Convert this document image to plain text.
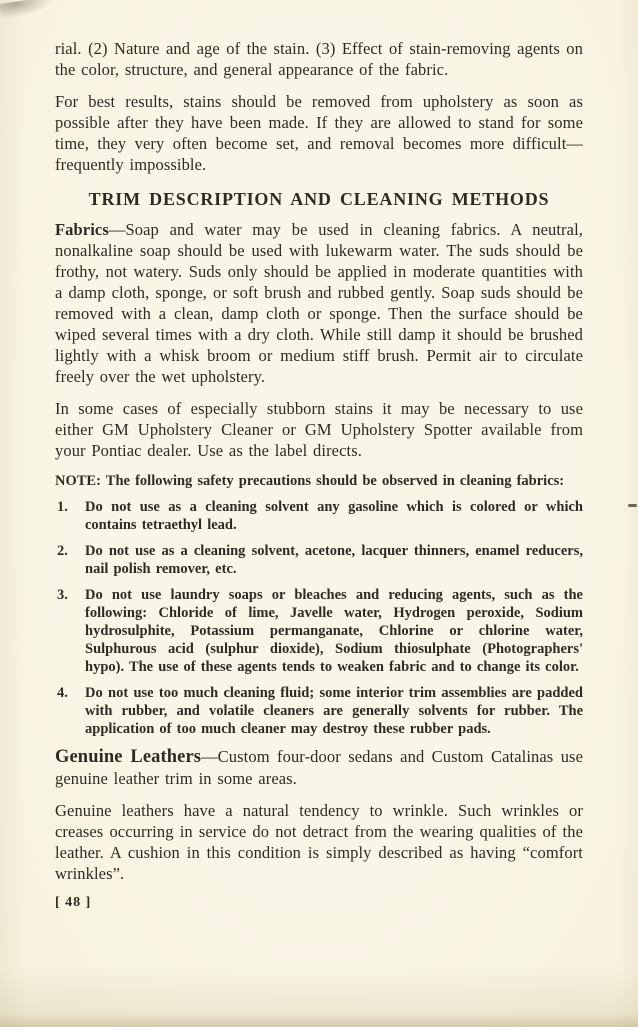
rial. (2) Nature and age of the stain. (3) Effect of stain-removing agents on the color, structure, and general appearance of the fabric.

For best results, stains should be removed from upholstery as soon as possible after they have been made. If they are allowed to stand for some time, they very often become set, and removal becomes more difficult—frequently impossible.

TRIM DESCRIPTION AND CLEANING METHODS

Fabrics—Soap and water may be used in cleaning fabrics. A neutral, nonalkaline soap should be used with lukewarm water. The suds should be frothy, not watery. Suds only should be applied in moderate quantities with a damp cloth, sponge, or soft brush and rubbed gently. Soap suds should be removed with a clean, damp cloth or sponge. Then the surface should be wiped several times with a dry cloth. While still damp it should be brushed lightly with a whisk broom or medium stiff brush. Permit air to circulate freely over the wet upholstery.

In some cases of especially stubborn stains it may be necessary to use either GM Upholstery Cleaner or GM Upholstery Spotter available from your Pontiac dealer. Use as the label directs.

NOTE: The following safety precautions should be observed in cleaning fabrics:

1.	Do not use as a cleaning solvent any gasoline which is colored or which contains tetraethyl lead.
2.	Do not use as a cleaning solvent, acetone, lacquer thinners, enamel reducers, nail polish remover, etc.
3.	Do not use laundry soaps or bleaches and reducing agents, such as the following: Chloride of lime, Javelle water, Hydrogen peroxide, Sodium hydrosulphite, Potassium permanganate, Chlorine or chlorine water, Sulphurous acid (sulphur dioxide), Sodium thiosulphate (Photographers' hypo). The use of these agents tends to weaken fabric and to change its color.
4.	Do not use too much cleaning fluid; some interior trim assemblies are padded with rubber, and volatile cleaners are generally solvents for rubber. The application of too much cleaner may destroy these rubber pads.

Genuine Leathers—Custom four-door sedans and Custom Catalinas use genuine leather trim in some areas.

Genuine leathers have a natural tendency to wrinkle. Such wrinkles or creases occurring in service do not detract from the wearing qualities of the leather. A cushion in this condition is simply described as having “comfort wrinkles”.

[ 48 ]
